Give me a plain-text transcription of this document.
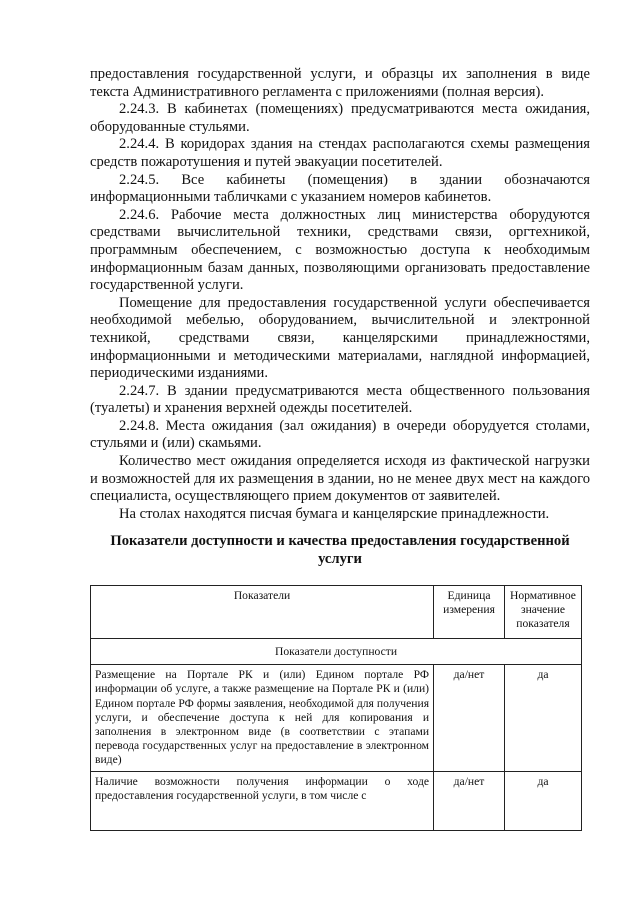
предоставления государственной услуги, и образцы их заполнения в виде текста Административного регламента с приложениями (полная версия).

2.24.3. В кабинетах (помещениях) предусматриваются места ожидания, оборудованные стульями.

2.24.4. В коридорах здания на стендах располагаются схемы размещения средств пожаротушения и путей эвакуации посетителей.

2.24.5. Все кабинеты (помещения) в здании обозначаются информационными табличками с указанием номеров кабинетов.

2.24.6. Рабочие места должностных лиц министерства оборудуются средствами вычислительной техники, средствами связи, оргтехникой, программным обеспечением, с возможностью доступа к необходимым информационным базам данных, позволяющими организовать предоставление государственной услуги.

Помещение для предоставления государственной услуги обеспечивается необходимой мебелью, оборудованием, вычислительной и электронной техникой, средствами связи, канцелярскими принадлежностями, информационными и методическими материалами, наглядной информацией, периодическими изданиями.

2.24.7. В здании предусматриваются места общественного пользования (туалеты) и хранения верхней одежды посетителей.

2.24.8. Места ожидания (зал ожидания) в очереди оборудуется столами, стульями и (или) скамьями.

Количество мест ожидания определяется исходя из фактической нагрузки и возможностей для их размещения в здании, но не менее двух мест на каждого специалиста, осуществляющего прием документов от заявителей.

На столах находятся писчая бумага и канцелярские принадлежности.

Показатели доступности и качества предоставления государственной услуги
Показатели	Единица измерения	Нормативное значение показателя
Показатели доступности		
Размещение на Портале РК и (или) Едином портале РФ информации об услуге, а также размещение на Портале РК и (или) Едином портале РФ формы заявления, необходимой для получения услуги, и обеспечение доступа к ней для копирования и заполнения в электронном виде (в соответствии с этапами перевода государственных услуг на предоставление в электронном виде)	да/нет	да
Наличие возможности получения информации о ходе предоставления государственной услуги, в том числе с	да/нет	да
